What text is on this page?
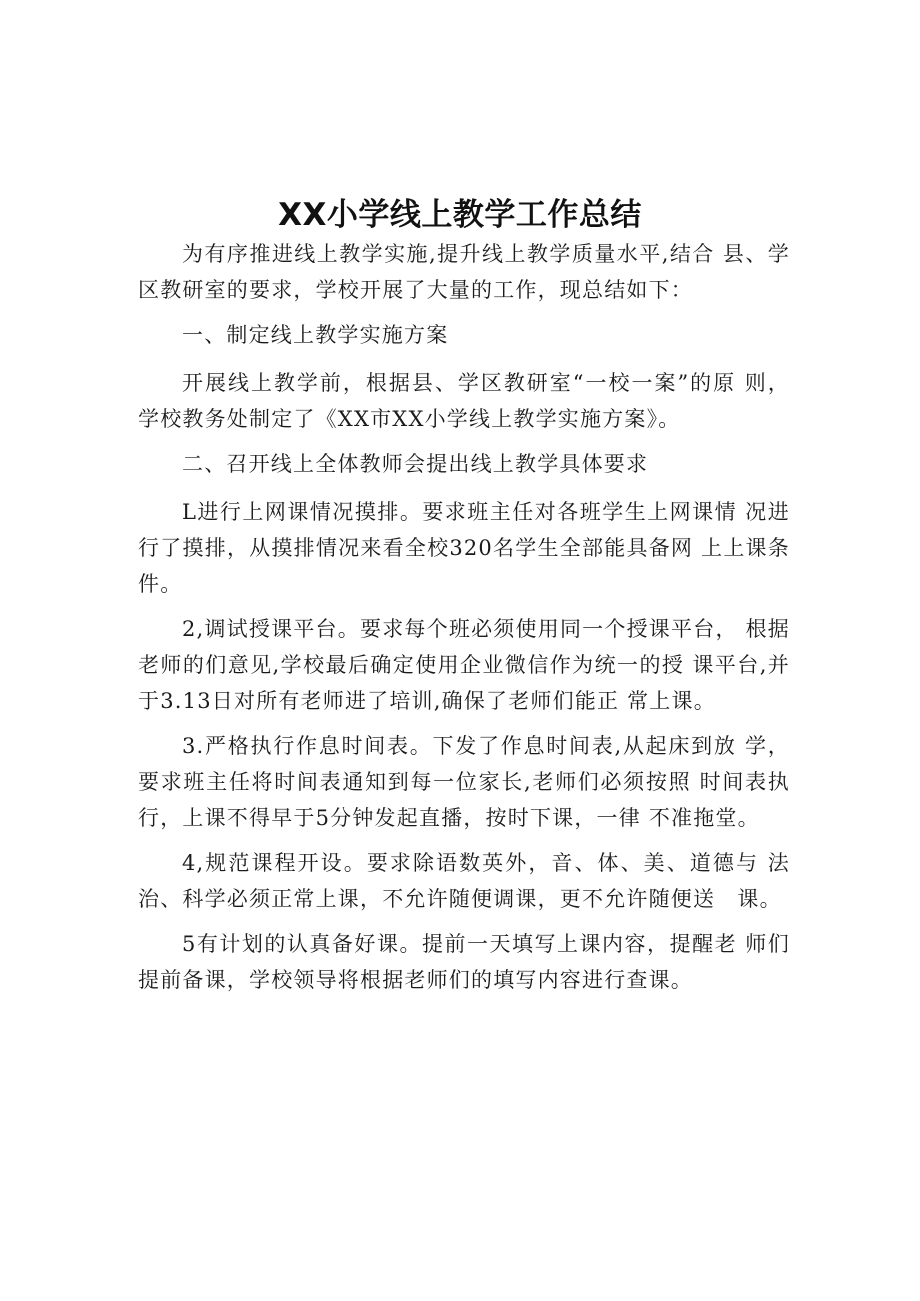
XX小学线上教学工作总结

为有序推进线上教学实施,提升线上教学质量水平,结合 县、学区教研室的要求，学校开展了大量的工作，现总结如下：

一、制定线上教学实施方案

开展线上教学前，根据县、学区教研室“一校一案”的原 则，学校教务处制定了《XX市XX小学线上教学实施方案》。

二、召开线上全体教师会提出线上教学具体要求

L进行上网课情况摸排。要求班主任对各班学生上网课情 况进行了摸排，从摸排情况来看全校320名学生全部能具备网 上上课条件。

2,调试授课平台。要求每个班必须使用同一个授课平台， 根据老师的们意见,学校最后确定使用企业微信作为统一的授 课平台,并于3.13日对所有老师进了培训,确保了老师们能正 常上课。

3.严格执行作息时间表。下发了作息时间表,从起床到放 学，要求班主任将时间表通知到每一位家长,老师们必须按照 时间表执行，上课不得早于5分钟发起直播，按时下课，一律 不准拖堂。

4,规范课程开设。要求除语数英外，音、体、美、道德与 法治、科学必须正常上课，不允许随便调课，更不允许随便送　课。

5有计划的认真备好课。提前一天填写上课内容，提醒老 师们提前备课，学校领导将根据老师们的填写内容进行查课。
